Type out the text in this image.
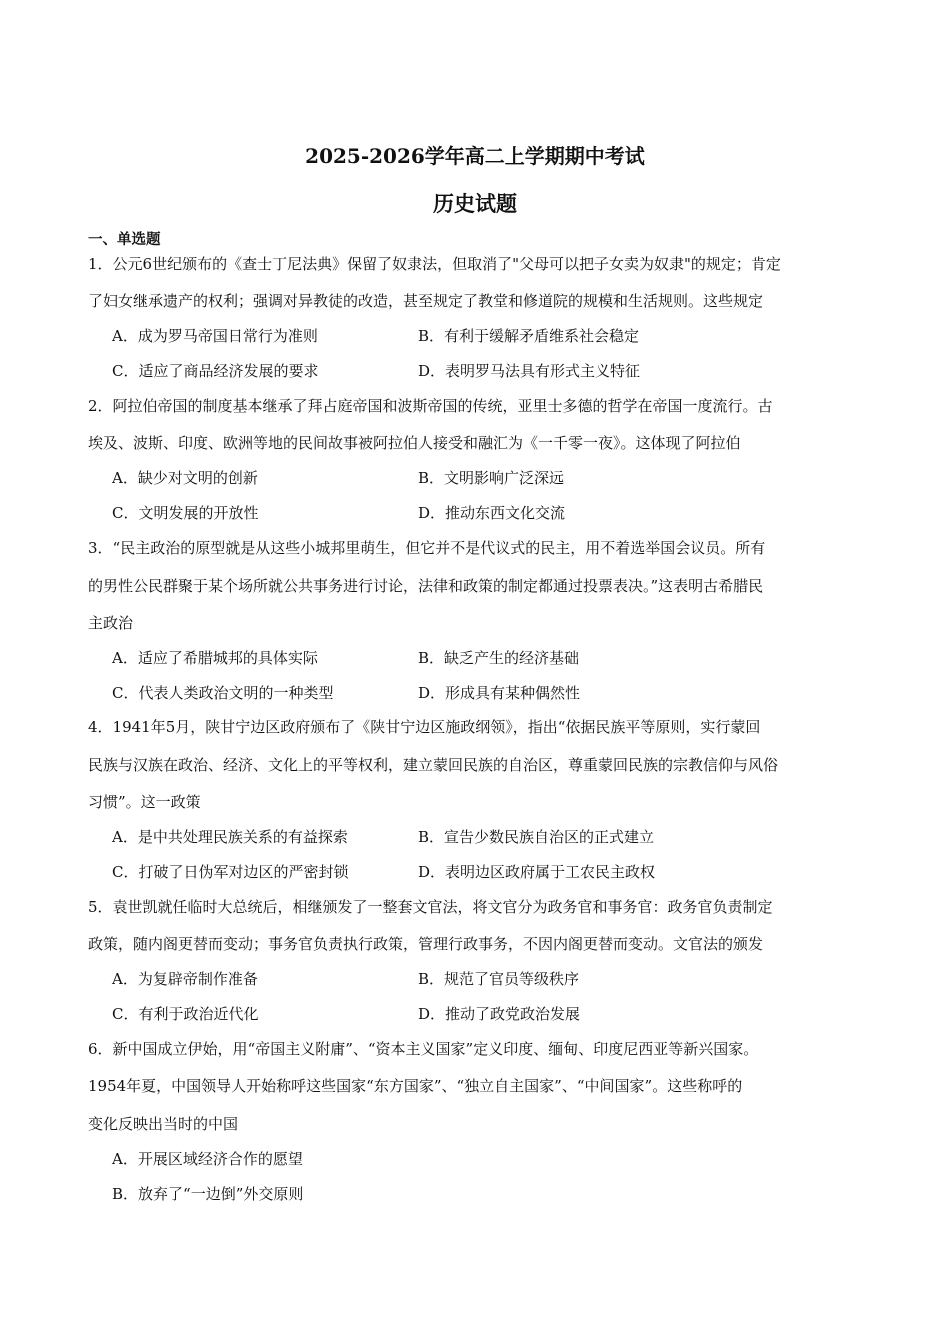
2025-2026学年高二上学期期中考试
历史试题
一、单选题
1．公元6世纪颁布的《查士丁尼法典》保留了奴隶法，但取消了"父母可以把子女卖为奴隶"的规定；肯定
了妇女继承遗产的权利；强调对异教徒的改造，甚至规定了教堂和修道院的规模和生活规则。这些规定
A．成为罗马帝国日常行为准则	B．有利于缓解矛盾维系社会稳定
C．适应了商品经济发展的要求	D．表明罗马法具有形式主义特征
2．阿拉伯帝国的制度基本继承了拜占庭帝国和波斯帝国的传统，亚里士多德的哲学在帝国一度流行。古
埃及、波斯、印度、欧洲等地的民间故事被阿拉伯人接受和融汇为《一千零一夜》。这体现了阿拉伯
A．缺少对文明的创新	B．文明影响广泛深远
C．文明发展的开放性	D．推动东西文化交流
3．“民主政治的原型就是从这些小城邦里萌生，但它并不是代议式的民主，用不着选举国会议员。所有
的男性公民群聚于某个场所就公共事务进行讨论，法律和政策的制定都通过投票表决。”这表明古希腊民
主政治
A．适应了希腊城邦的具体实际	B．缺乏产生的经济基础
C．代表人类政治文明的一种类型	D．形成具有某种偶然性
4．1941年5月，陕甘宁边区政府颁布了《陕甘宁边区施政纲领》，指出“依据民族平等原则，实行蒙回
民族与汉族在政治、经济、文化上的平等权利，建立蒙回民族的自治区，尊重蒙回民族的宗教信仰与风俗
习惯”。这一政策
A．是中共处理民族关系的有益探索	B．宣告少数民族自治区的正式建立
C．打破了日伪军对边区的严密封锁	D．表明边区政府属于工农民主政权
5．袁世凯就任临时大总统后，相继颁发了一整套文官法，将文官分为政务官和事务官：政务官负责制定
政策，随内阁更替而变动；事务官负责执行政策，管理行政事务，不因内阁更替而变动。文官法的颁发
A．为复辟帝制作准备	B．规范了官员等级秩序
C．有利于政治近代化	D．推动了政党政治发展
6．新中国成立伊始，用“帝国主义附庸”、“资本主义国家”定义印度、缅甸、印度尼西亚等新兴国家。
1954年夏，中国领导人开始称呼这些国家“东方国家”、“独立自主国家”、“中间国家”。这些称呼的
变化反映出当时的中国
A．开展区域经济合作的愿望
B．放弃了“一边倒”外交原则
